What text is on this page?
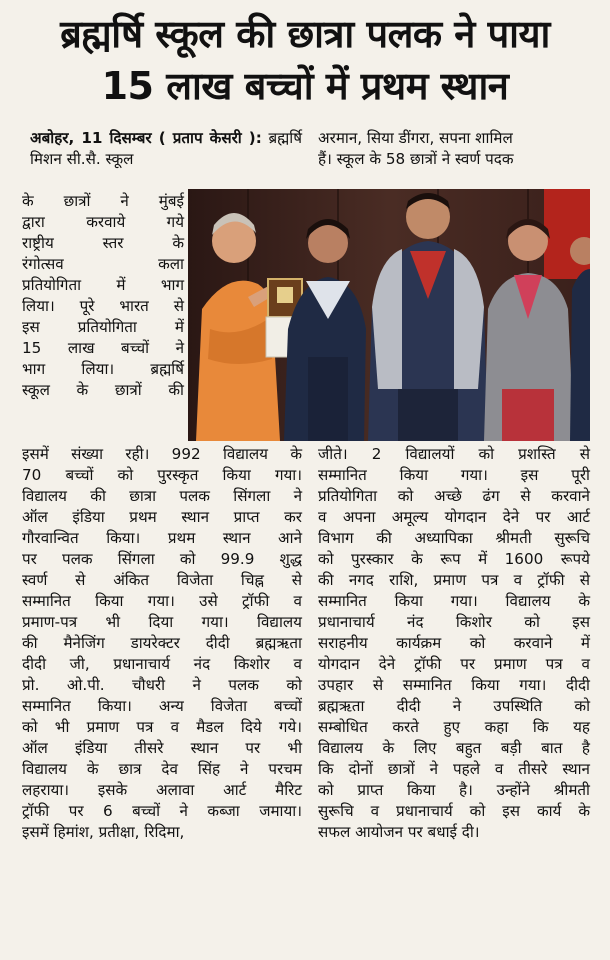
ब्रह्मर्षि स्कूल की छात्रा पलक ने पाया
15 लाख बच्चों में प्रथम स्थान

अबोहर, 11 दिसम्बर ( प्रताप केसरी ): ब्रह्मर्षि मिशन सी.सै. स्कूल

के छात्रों ने मुंबई

द्वारा करवाये गये

राष्ट्रीय स्तर के

रंगोत्सव कला

प्रतियोगिता में भाग

लिया। पूरे भारत से

इस प्रतियोगिता में

15 लाख बच्चों ने

भाग लिया। ब्रह्मर्षि

स्कूल के छात्रों की

अरमान, सिया डींगरा, सपना शामिल

हैं। स्कूल के 58 छात्रों ने स्वर्ण पदक

इसमें संख्या रही। 992 विद्यालय के

70 बच्चों को पुरस्कृत किया गया।

विद्यालय की छात्रा पलक सिंगला ने

ऑल इंडिया प्रथम स्थान प्राप्त कर

गौरवान्वित किया। प्रथम स्थान आने

पर पलक सिंगला को 99.9 शुद्ध

स्वर्ण से अंकित विजेता चिह्न से

सम्मानित किया गया। उसे ट्रॉफी व

प्रमाण-पत्र भी दिया गया। विद्यालय

की मैनेजिंग डायरेक्टर दीदी ब्रह्मऋता

दीदी जी, प्रधानाचार्य नंद किशोर व

प्रो. ओ.पी. चौधरी ने पलक को

सम्मानित किया। अन्य विजेता बच्चों

को भी प्रमाण पत्र व मैडल दिये गये।

ऑल इंडिया तीसरे स्थान पर भी

विद्यालय के छात्र देव सिंह ने परचम

लहराया। इसके अलावा आर्ट मैरिट

ट्रॉफी पर 6 बच्चों ने कब्जा जमाया।

इसमें हिमांश, प्रतीक्षा, रिदिमा,

जीते। 2 विद्यालयों को प्रशस्ति से

सम्मानित किया गया। इस पूरी

प्रतियोगिता को अच्छे ढंग से करवाने

व अपना अमूल्य योगदान देने पर आर्ट

विभाग की अध्यापिका श्रीमती सुरूचि

को पुरस्कार के रूप में 1600 रूपये

की नगद राशि, प्रमाण पत्र व ट्रॉफी से

सम्मानित किया गया। विद्यालय के

प्रधानाचार्य नंद किशोर को इस

सराहनीय कार्यक्रम को करवाने में

योगदान देने ट्रॉफी पर प्रमाण पत्र व

उपहार से सम्मानित किया गया। दीदी

ब्रह्मऋता दीदी ने उपस्थिति को

सम्बोधित करते हुए कहा कि यह

विद्यालय के लिए बहुत बड़ी बात है

कि दोनों छात्रों ने पहले व तीसरे स्थान

को प्राप्त किया है। उन्होंने श्रीमती

सुरूचि व प्रधानाचार्य को इस कार्य के

सफल आयोजन पर बधाई दी।
